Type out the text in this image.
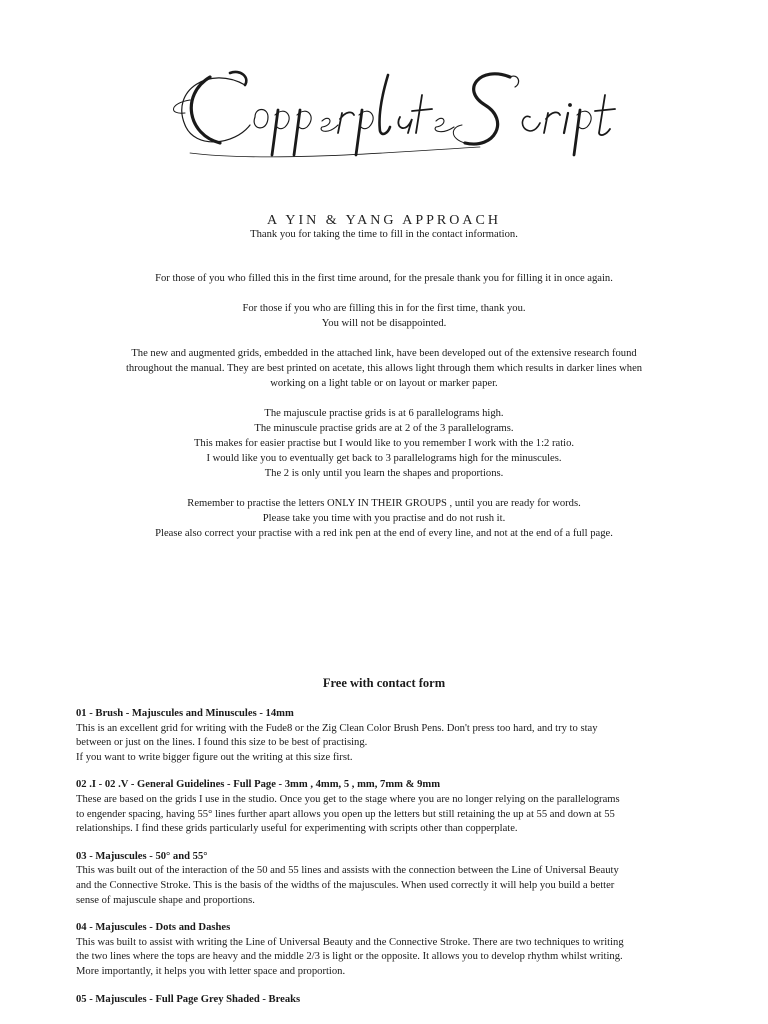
A YIN & YANG APPROACH

Thank you for taking the time to fill in the contact information.

For those of you who filled this in the first time around, for the presale thank you for filling it in once again.

For those if you who are filling this in for the first time, thank you.
You will not be disappointed.

The new and augmented grids, embedded in the attached link, have been developed out of the extensive research found
throughout the manual. They are best printed on acetate, this allows light through them which results in darker lines when
working on a light table or on layout or marker paper.

The majuscule practise grids is at 6 parallelograms high.
The minuscule practise grids are at 2 of the 3 parallelograms.
This makes for easier practise but I would like to you remember I work with the 1:2 ratio.
I would like you to eventually get back to 3 parallelograms high for the minuscules.
The 2 is only until you learn the shapes and proportions.

Remember to practise the letters ONLY IN THEIR GROUPS , until you are ready for words.
Please take you time with you practise and do not rush it.
Please also correct your practise with a red ink pen at the end of every line, and not at the end of a full page.

Free with contact form
01 - Brush - Majuscules and Minuscules - 14mm
This is an excellent grid for writing with the Fude8 or the Zig Clean Color Brush Pens. Don't press too hard, and try to stay
between or just on the lines. I found this size to be best of practising.
If you want to write bigger figure out the writing at this size first.
02 .I - 02 .V - General Guidelines - Full Page - 3mm , 4mm, 5 , mm, 7mm & 9mm
These are based on the grids I use in the studio. Once you get to the stage where you are no longer relying on the parallelograms
to engender spacing, having 55° lines further apart allows you open up the letters but still retaining the up at 55 and down at 55
relationships. I find these grids particularly useful for experimenting with scripts other than copperplate.
03 - Majuscules - 50° and 55°
This was built out of the interaction of the 50 and 55 lines and assists with the connection between the Line of Universal Beauty
and the Connective Stroke. This is the basis of the widths of the majuscules. When used correctly it will help you build a better
sense of majuscule shape and proportions.
04 - Majuscules - Dots and Dashes
This was built to assist with writing the Line of Universal Beauty and the Connective Stroke. There are two techniques to writing
the two lines where the tops are heavy and the middle 2/3 is light or the opposite. It allows you to develop rhythm whilst writing.
More importantly, it helps you with letter space and proportion.
05 - Majuscules - Full Page Grey Shaded - Breaks
